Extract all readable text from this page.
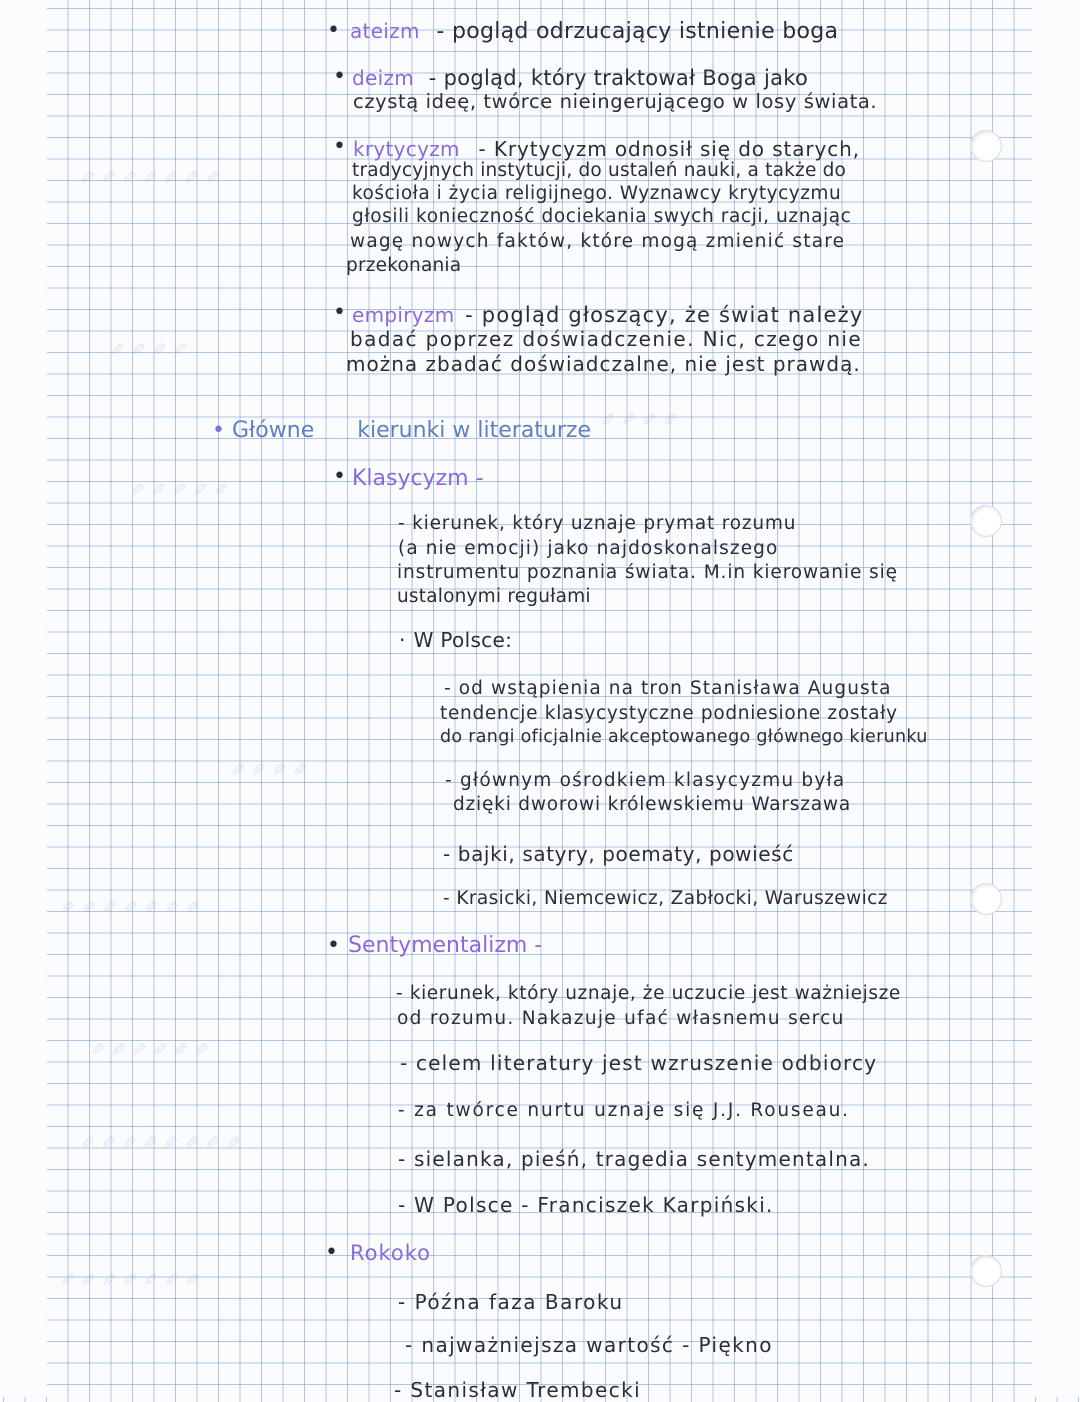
✎ ✎ ✎ ✎ ✎ ✎ ✎
✎ ✎ ✎ ✎
✎ ✎ ✎ ✎
✎ ✎ ✎ ✎ ✎
✎ ✎ ✎ ✎
✎ ✎ ✎ ✎ ✎ ✎ ✎
✎ ✎ ✎ ✎ ✎ ✎
✎ ✎ ✎ ✎ ✎ ✎ ✎ ✎
✎ ✎ ✎ ✎ ✎ ✎ ✎
• ateizm - pogląd odrzucający istnienie boga
• deizm - pogląd, który traktował Boga jako
czystą ideę, twórce nieingerującego w losy świata.
• krytycyzm - Krytycyzm odnosił się do starych,
tradycyjnych instytucji, do ustaleń nauki, a także do
kościoła i życia religijnego. Wyznawcy krytycyzmu
głosili konieczność dociekania swych racji, uznając
wagę nowych faktów, które mogą zmienić stare
przekonania
• empiryzm - pogląd głoszący, że świat należy
badać poprzez doświadczenie. Nic, czego nie
można zbadać doświadczalne, nie jest prawdą.
• Główne kierunki w literaturze
• Klasycyzm -
- kierunek, który uznaje prymat rozumu
(a nie emocji) jako najdoskonalszego
instrumentu poznania świata. M.in kierowanie się
ustalonymi regułami
· W Polsce:
- od wstąpienia na tron Stanisława Augusta
tendencje klasycystyczne podniesione zostały
do rangi oficjalnie akceptowanego głównego kierunku
- głównym ośrodkiem klasycyzmu była
dzięki dworowi królewskiemu Warszawa
- bajki, satyry, poematy, powieść
- Krasicki, Niemcewicz, Zabłocki, Waruszewicz
• Sentymentalizm -
- kierunek, który uznaje, że uczucie jest ważniejsze
od rozumu. Nakazuje ufać własnemu sercu
- celem literatury jest wzruszenie odbiorcy
- za twórce nurtu uznaje się J.J. Rouseau.
- sielanka, pieśń, tragedia sentymentalna.
- W Polsce - Franciszek Karpiński.
• Rokoko
- Późna faza Baroku
- najważniejsza wartość - Piękno
- Stanisław Trembecki
